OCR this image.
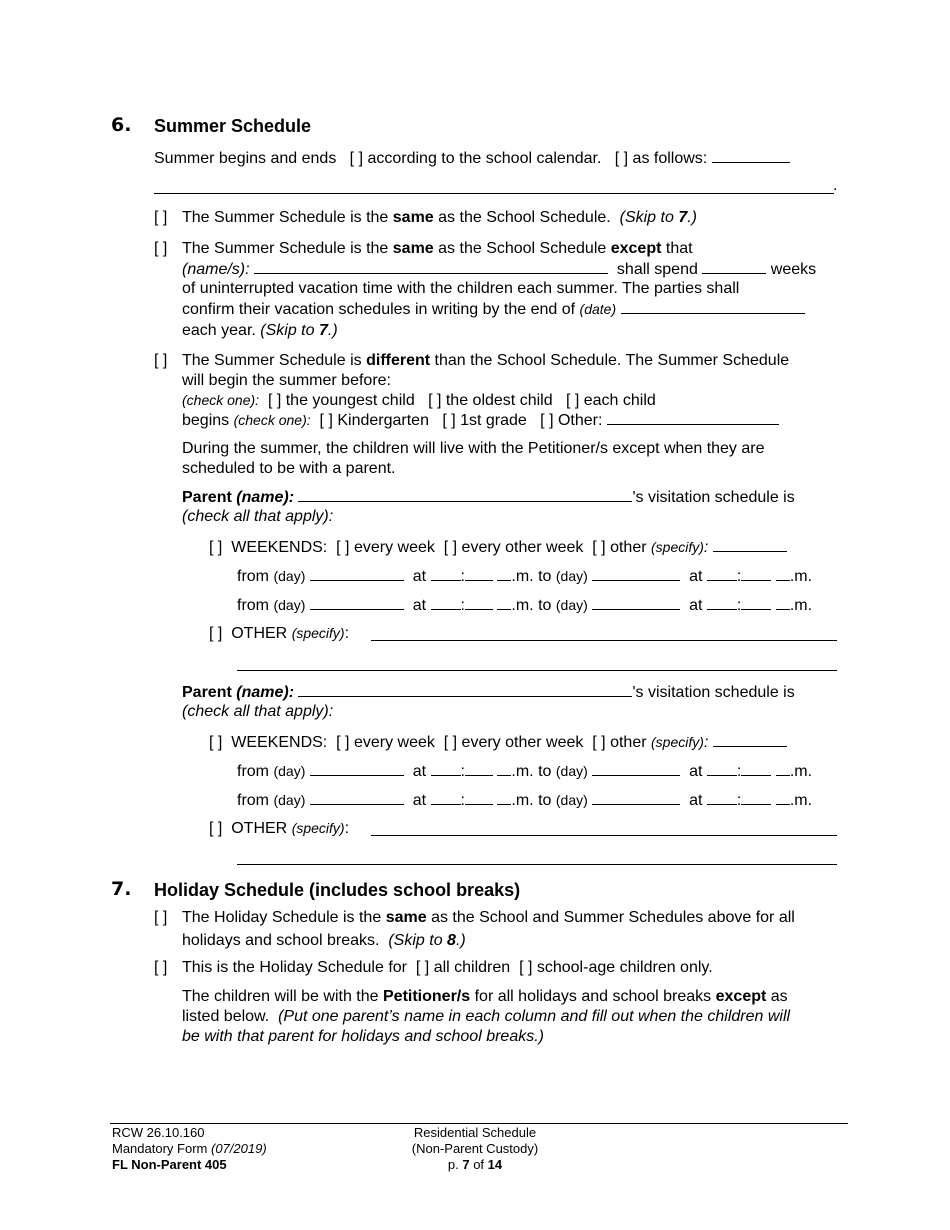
6. Summer Schedule
Summer begins and ends [ ] according to the school calendar. [ ] as follows:
.
[ ] The Summer Schedule is the same as the School Schedule. (Skip to 7.)
[ ] The Summer Schedule is the same as the School Schedule except that
(name/s):	shall spend	weeks
of uninterrupted vacation time with the children each summer. The parties shall
confirm their vacation schedules in writing by the end of (date)
each year. (Skip to 7.)
[ ] The Summer Schedule is different than the School Schedule. The Summer Schedule
will begin the summer before:
(check one): [ ] the youngest child [ ] the oldest child [ ] each child
begins (check one): [ ] Kindergarten [ ] 1st grade [ ] Other:
During the summer, the children will live with the Petitioner/s except when they are
scheduled to be with a parent.
Parent (name):	's visitation schedule is
(check all that apply):
[ ] WEEKENDS: [ ] every week [ ] every other week [ ] other (specify):
from (day)	at :	.m. to (day)	at :	.m.
from (day)	at :	.m. to (day)	at :	.m.
[ ] OTHER (specify):
Parent (name):	's visitation schedule is
(check all that apply):
[ ] WEEKENDS: [ ] every week [ ] every other week [ ] other (specify):
from (day)	at :	.m. to (day)	at :	.m.
from (day)	at :	.m. to (day)	at :	.m.
[ ] OTHER (specify):
7. Holiday Schedule (includes school breaks)
[ ] The Holiday Schedule is the same as the School and Summer Schedules above for all
holidays and school breaks. (Skip to 8.)
[ ] This is the Holiday Schedule for [ ] all children [ ] school-age children only.
The children will be with the Petitioner/s for all holidays and school breaks except as
listed below. (Put one parent’s name in each column and fill out when the children will
be with that parent for holidays and school breaks.)
RCW 26.10.160
Mandatory Form (07/2019)
FL Non-Parent 405
Residential Schedule
(Non-Parent Custody)
p. 7 of 14
